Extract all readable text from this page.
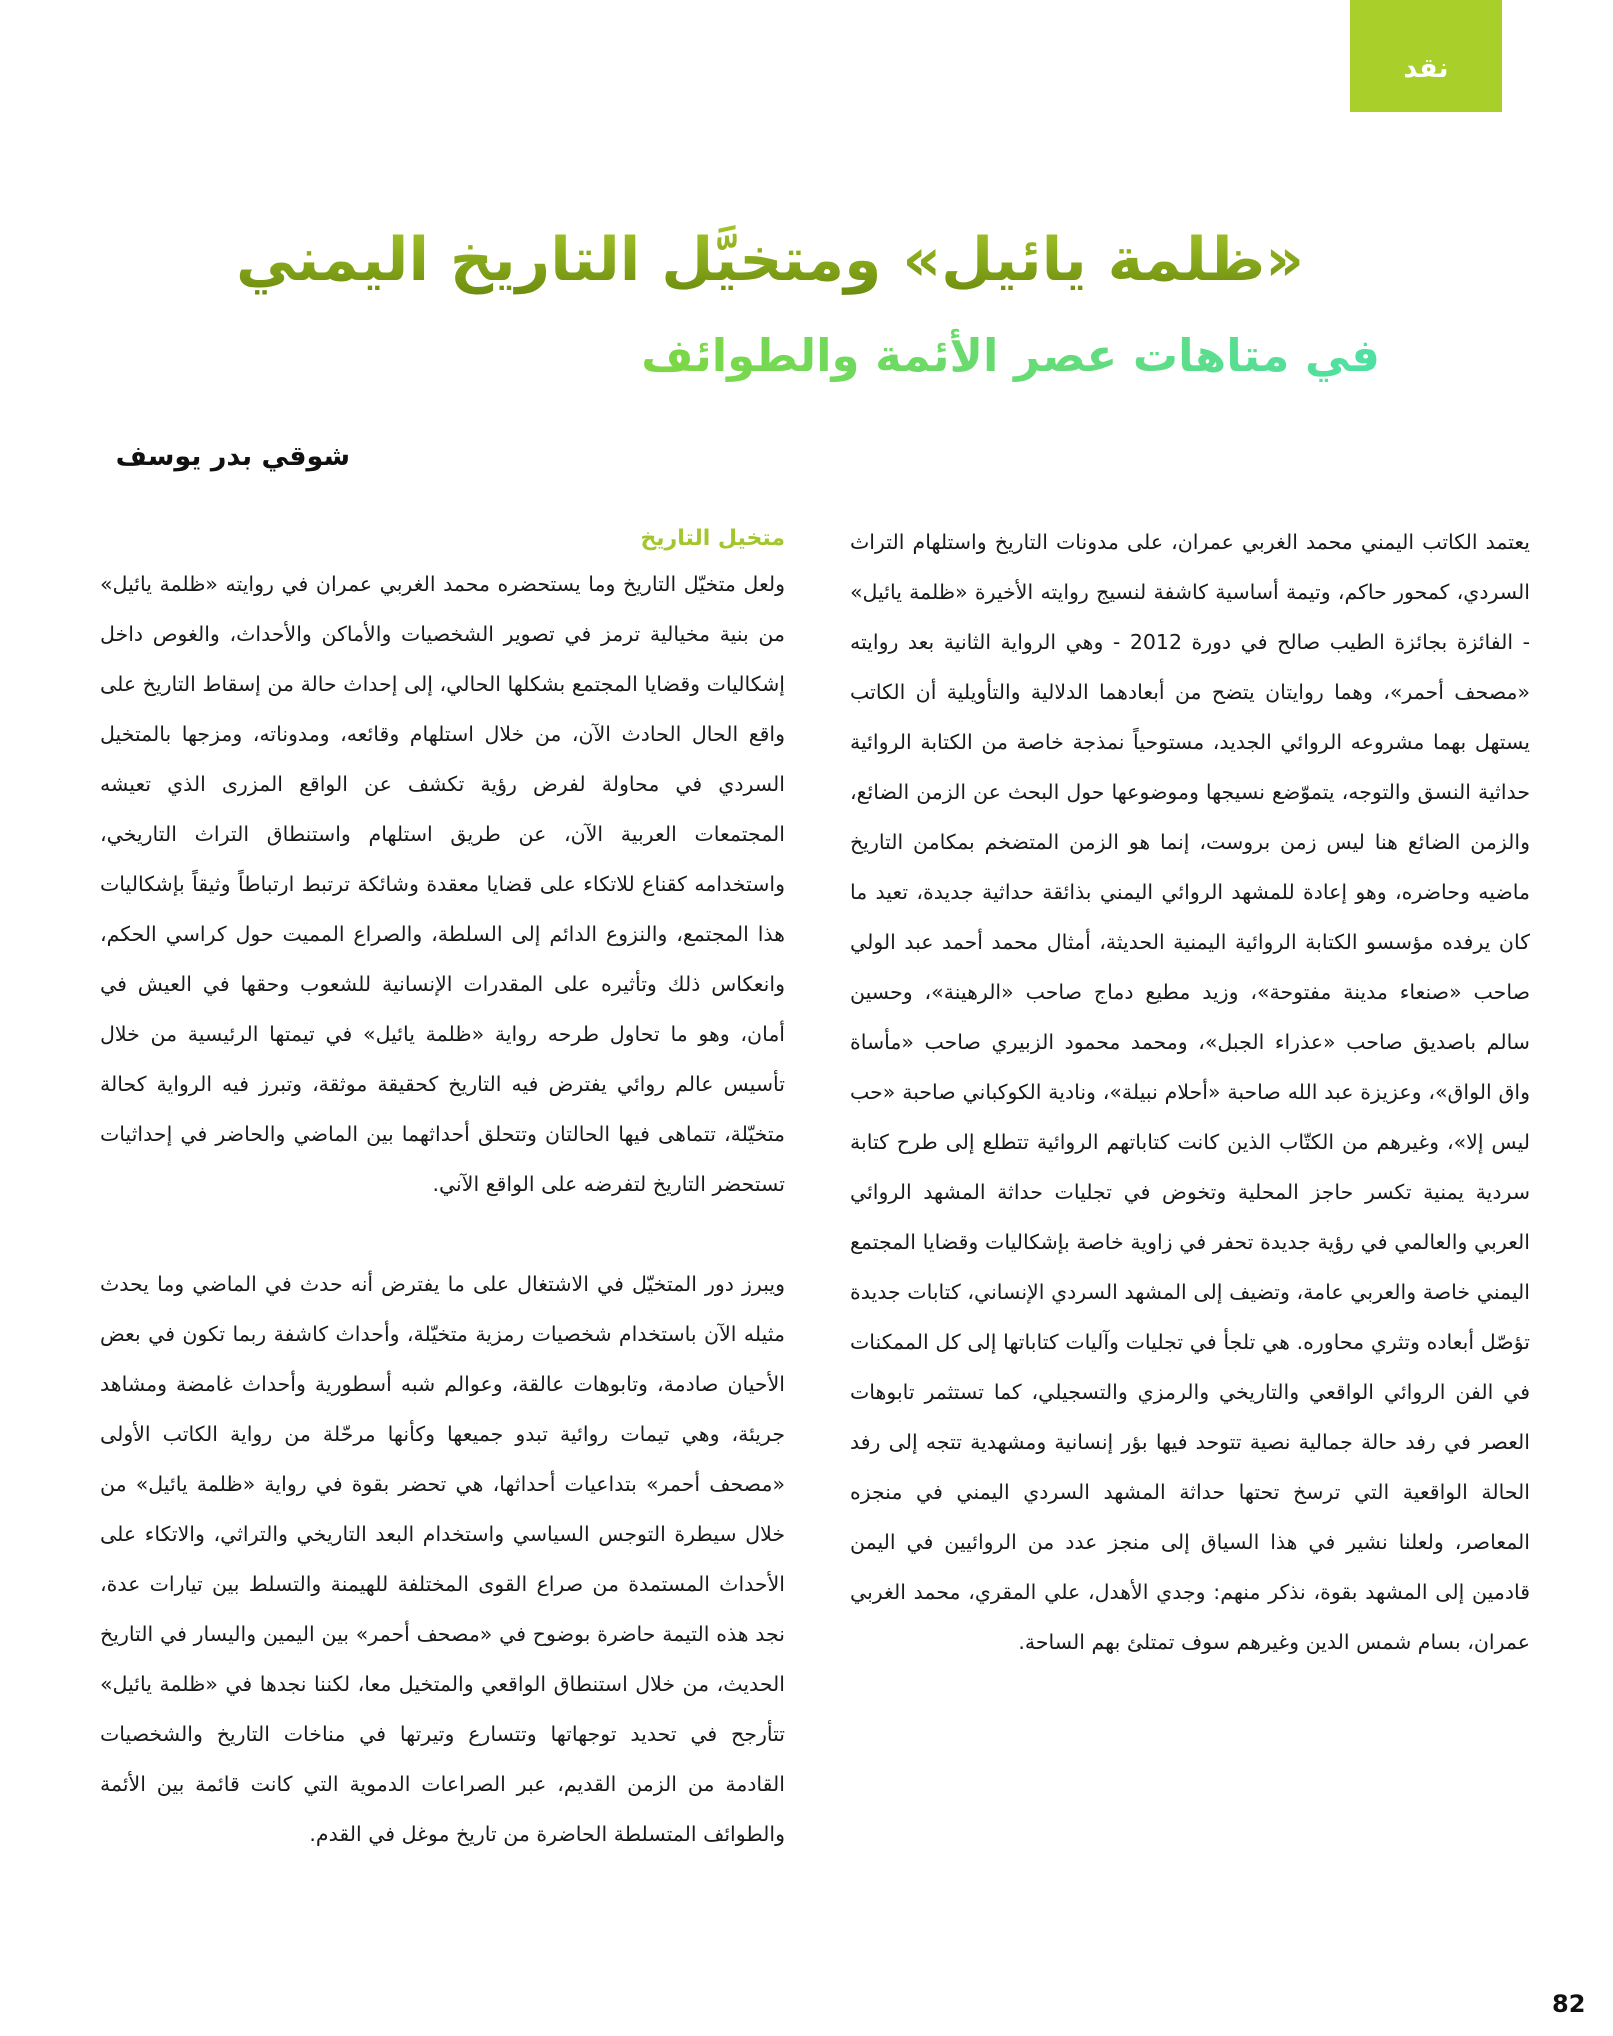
نقد
«ظلمة يائيل» ومتخيَّل التاريخ اليمني
في متاهات عصر الأئمة والطوائف
شوقي بدر يوسف

يعتمد الكاتب اليمني محمد الغربي عمران، على مدونات التاريخ واستلهام التراث السردي، كمحور حاكم، وتيمة أساسية كاشفة لنسيج روايته الأخيرة «ظلمة يائيل» - الفائزة بجائزة الطيب صالح في دورة 2012 - وهي الرواية الثانية بعد روايته «مصحف أحمر»، وهما روايتان يتضح من أبعادهما الدلالية والتأويلية أن الكاتب يستهل بهما مشروعه الروائي الجديد، مستوحياً نمذجة خاصة من الكتابة الروائية حداثية النسق والتوجه، يتموّضع نسيجها وموضوعها حول البحث عن الزمن الضائع، والزمن الضائع هنا ليس زمن بروست، إنما هو الزمن المتضخم بمكامن التاريخ ماضيه وحاضره، وهو إعادة للمشهد الروائي اليمني بذائقة حداثية جديدة، تعيد ما كان يرفده مؤسسو الكتابة الروائية اليمنية الحديثة، أمثال محمد أحمد عبد الولي صاحب «صنعاء مدينة مفتوحة»، وزيد مطيع دماج صاحب «الرهينة»، وحسين سالم باصديق صاحب «عذراء الجبل»، ومحمد محمود الزبيري صاحب «مأساة واق الواق»، وعزيزة عبد الله صاحبة «أحلام نبيلة»، ونادية الكوكباني صاحبة «حب ليس إلا»، وغيرهم من الكتّاب الذين كانت كتاباتهم الروائية تتطلع إلى طرح كتابة سردية يمنية تكسر حاجز المحلية وتخوض في تجليات حداثة المشهد الروائي العربي والعالمي في رؤية جديدة تحفر في زاوية خاصة بإشكاليات وقضايا المجتمع اليمني خاصة والعربي عامة، وتضيف إلى المشهد السردي الإنساني، كتابات جديدة تؤصّل أبعاده وتثري محاوره. هي تلجأ في تجليات وآليات كتاباتها إلى كل الممكنات في الفن الروائي الواقعي والتاريخي والرمزي والتسجيلي، كما تستثمر تابوهات العصر في رفد حالة جمالية نصية تتوحد فيها بؤر إنسانية ومشهدية تتجه إلى رفد الحالة الواقعية التي ترسخ تحتها حداثة المشهد السردي اليمني في منجزه المعاصر، ولعلنا نشير في هذا السياق إلى منجز عدد من الروائيين في اليمن قادمين إلى المشهد بقوة، نذكر منهم: وجدي الأهدل، علي المقري، محمد الغربي عمران، بسام شمس الدين وغيرهم سوف تمتلئ بهم الساحة.

متخيل التاريخ

ولعل متخيّل التاريخ وما يستحضره محمد الغربي عمران في روايته «ظلمة يائيل» من بنية مخيالية ترمز في تصوير الشخصيات والأماكن والأحداث، والغوص داخل إشكاليات وقضايا المجتمع بشكلها الحالي، إلى إحداث حالة من إسقاط التاريخ على واقع الحال الحادث الآن، من خلال استلهام وقائعه، ومدوناته، ومزجها بالمتخيل السردي في محاولة لفرض رؤية تكشف عن الواقع المزرى الذي تعيشه المجتمعات العربية الآن، عن طريق استلهام واستنطاق التراث التاريخي، واستخدامه كقناع للاتكاء على قضايا معقدة وشائكة ترتبط ارتباطاً وثيقاً بإشكاليات هذا المجتمع، والنزوع الدائم إلى السلطة، والصراع المميت حول كراسي الحكم، وانعكاس ذلك وتأثيره على المقدرات الإنسانية للشعوب وحقها في العيش في أمان، وهو ما تحاول طرحه رواية «ظلمة يائيل» في تيمتها الرئيسية من خلال تأسيس عالم روائي يفترض فيه التاريخ كحقيقة موثقة، وتبرز فيه الرواية كحالة متخيّلة، تتماهى فيها الحالتان وتتحلق أحداثهما بين الماضي والحاضر في إحداثيات تستحضر التاريخ لتفرضه على الواقع الآني.

ويبرز دور المتخيّل في الاشتغال على ما يفترض أنه حدث في الماضي وما يحدث مثيله الآن باستخدام شخصيات رمزية متخيّلة، وأحداث كاشفة ربما تكون في بعض الأحيان صادمة، وتابوهات عالقة، وعوالم شبه أسطورية وأحداث غامضة ومشاهد جريئة، وهي تيمات روائية تبدو جميعها وكأنها مرحّلة من رواية الكاتب الأولى «مصحف أحمر» بتداعيات أحداثها، هي تحضر بقوة في رواية «ظلمة يائيل» من خلال سيطرة التوجس السياسي واستخدام البعد التاريخي والتراثي، والاتكاء على الأحداث المستمدة من صراع القوى المختلفة للهيمنة والتسلط بين تيارات عدة، نجد هذه التيمة حاضرة بوضوح في «مصحف أحمر» بين اليمين واليسار في التاريخ الحديث، من خلال استنطاق الواقعي والمتخيل معا، لكننا نجدها في «ظلمة يائيل» تتأرجح في تحديد توجهاتها وتتسارع وتيرتها في مناخات التاريخ والشخصيات القادمة من الزمن القديم، عبر الصراعات الدموية التي كانت قائمة بين الأئمة والطوائف المتسلطة الحاضرة من تاريخ موغل في القدم.

82
